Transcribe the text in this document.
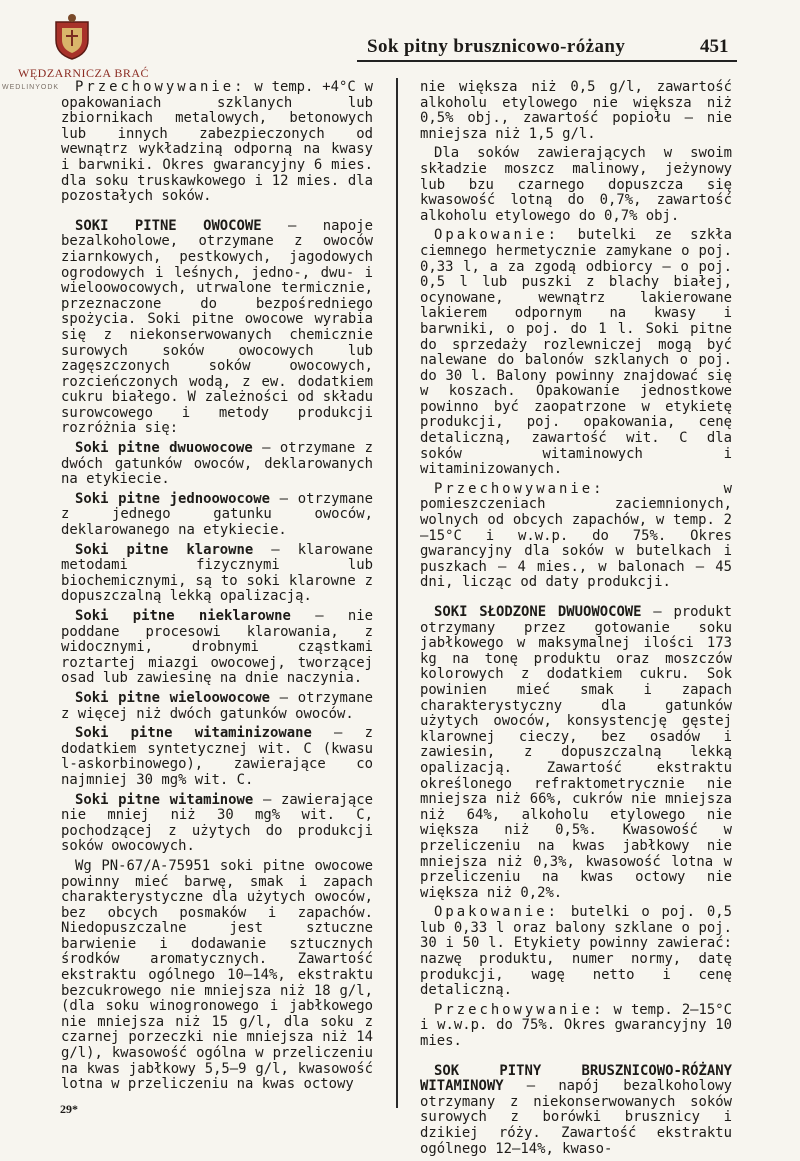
WĘDZARNICZA BRAĆ
WEDLINYODK
Sok pitny brusznicowo-różany	451

Przechowywanie: w temp. +4°C w opakowaniach szklanych lub zbiornikach metalowych, betonowych lub innych zabezpieczonych od wewnątrz wykładziną odporną na kwasy i barwniki. Okres gwarancyjny 6 mies. dla soku truskawkowego i 12 mies. dla pozostałych soków.

SOKI PITNE OWOCOWE — napoje bezalkoholowe, otrzymane z owoców ziarnkowych, pestkowych, jagodowych ogrodowych i leśnych, jedno-, dwu- i wieloowocowych, utrwalone termicznie, przeznaczone do bezpośredniego spożycia. Soki pitne owocowe wyrabia się z niekonserwowanych chemicznie surowych soków owocowych lub zagęszczonych soków owocowych, rozcieńczonych wodą, z ew. dodatkiem cukru białego. W zależności od składu surowcowego i metody produkcji rozróżnia się:

Soki pitne dwuowocowe — otrzymane z dwóch gatunków owoców, deklarowanych na etykiecie.

Soki pitne jednoowocowe — otrzymane z jednego gatunku owoców, deklarowanego na etykiecie.

Soki pitne klarowne — klarowane metodami fizycznymi lub biochemicznymi, są to soki klarowne z dopuszczalną lekką opalizacją.

Soki pitne nieklarowne — nie poddane procesowi klarowania, z widocznymi, drobnymi cząstkami roztartej miazgi owocowej, tworzącej osad lub zawiesinę na dnie naczynia.

Soki pitne wieloowocowe — otrzymane z więcej niż dwóch gatunków owoców.

Soki pitne witaminizowane — z dodatkiem syntetycznej wit. C (kwasu l-askorbinowego), zawierające co najmniej 30 mg% wit. C.

Soki pitne witaminowe — zawierające nie mniej niż 30 mg% wit. C, pochodzącej z użytych do produkcji soków owocowych.

Wg PN-67/A-75951 soki pitne owocowe powinny mieć barwę, smak i zapach charakterystyczne dla użytych owoców, bez obcych posmaków i zapachów. Niedopuszczalne jest sztuczne barwienie i dodawanie sztucznych środków aromatycznych. Zawartość ekstraktu ogólnego 10—14%, ekstraktu bezcukrowego nie mniejsza niż 18 g/l, (dla soku winogronowego i jabłkowego nie mniejsza niż 15 g/l, dla soku z czarnej porzeczki nie mniejsza niż 14 g/l), kwasowość ogólna w przeliczeniu na kwas jabłkowy 5,5—9 g/l, kwasowość lotna w przeliczeniu na kwas octowy

nie większa niż 0,5 g/l, zawartość alkoholu etylowego nie większa niż 0,5% obj., zawartość popiołu — nie mniejsza niż 1,5 g/l.

Dla soków zawierających w swoim składzie moszcz malinowy, jeżynowy lub bzu czarnego dopuszcza się kwasowość lotną do 0,7%, zawartość alkoholu etylowego do 0,7% obj.

Opakowanie: butelki ze szkła ciemnego hermetycznie zamykane o poj. 0,33 l, a za zgodą odbiorcy — o poj. 0,5 l lub puszki z blachy białej, ocynowane, wewnątrz lakierowane lakierem odpornym na kwasy i barwniki, o poj. do 1 l. Soki pitne do sprzedaży rozlewniczej mogą być nalewane do balonów szklanych o poj. do 30 l. Balony powinny znajdować się w koszach. Opakowanie jednostkowe powinno być zaopatrzone w etykietę produkcji, poj. opakowania, cenę detaliczną, zawartość wit. C dla soków witaminowych i witaminizowanych.

Przechowywanie: w pomieszczeniach zaciemnionych, wolnych od obcych zapachów, w temp. 2—15°C i w.w.p. do 75%. Okres gwarancyjny dla soków w butelkach i puszkach — 4 mies., w balonach — 45 dni, licząc od daty produkcji.

SOKI SŁODZONE DWUOWOCOWE — produkt otrzymany przez gotowanie soku jabłkowego w maksymalnej ilości 173 kg na tonę produktu oraz moszczów kolorowych z dodatkiem cukru. Sok powinien mieć smak i zapach charakterystyczny dla gatunków użytych owoców, konsystencję gęstej klarownej cieczy, bez osadów i zawiesin, z dopuszczalną lekką opalizacją. Zawartość ekstraktu określonego refraktometrycznie nie mniejsza niż 66%, cukrów nie mniejsza niż 64%, alkoholu etylowego nie większa niż 0,5%. Kwasowość w przeliczeniu na kwas jabłkowy nie mniejsza niż 0,3%, kwasowość lotna w przeliczeniu na kwas octowy nie większa niż 0,2%.

Opakowanie: butelki o poj. 0,5 lub 0,33 l oraz balony szklane o poj. 30 i 50 l. Etykiety powinny zawierać: nazwę produktu, numer normy, datę produkcji, wagę netto i cenę detaliczną.

Przechowywanie: w temp. 2—15°C i w.w.p. do 75%. Okres gwarancyjny 10 mies.

SOK PITNY BRUSZNICOWO-RÓŻANY WITAMINOWY — napój bezalkoholowy otrzymany z niekonserwowanych soków surowych z borówki brusznicy i dzikiej róży. Zawartość ekstraktu ogólnego 12—14%, kwaso-

29*
